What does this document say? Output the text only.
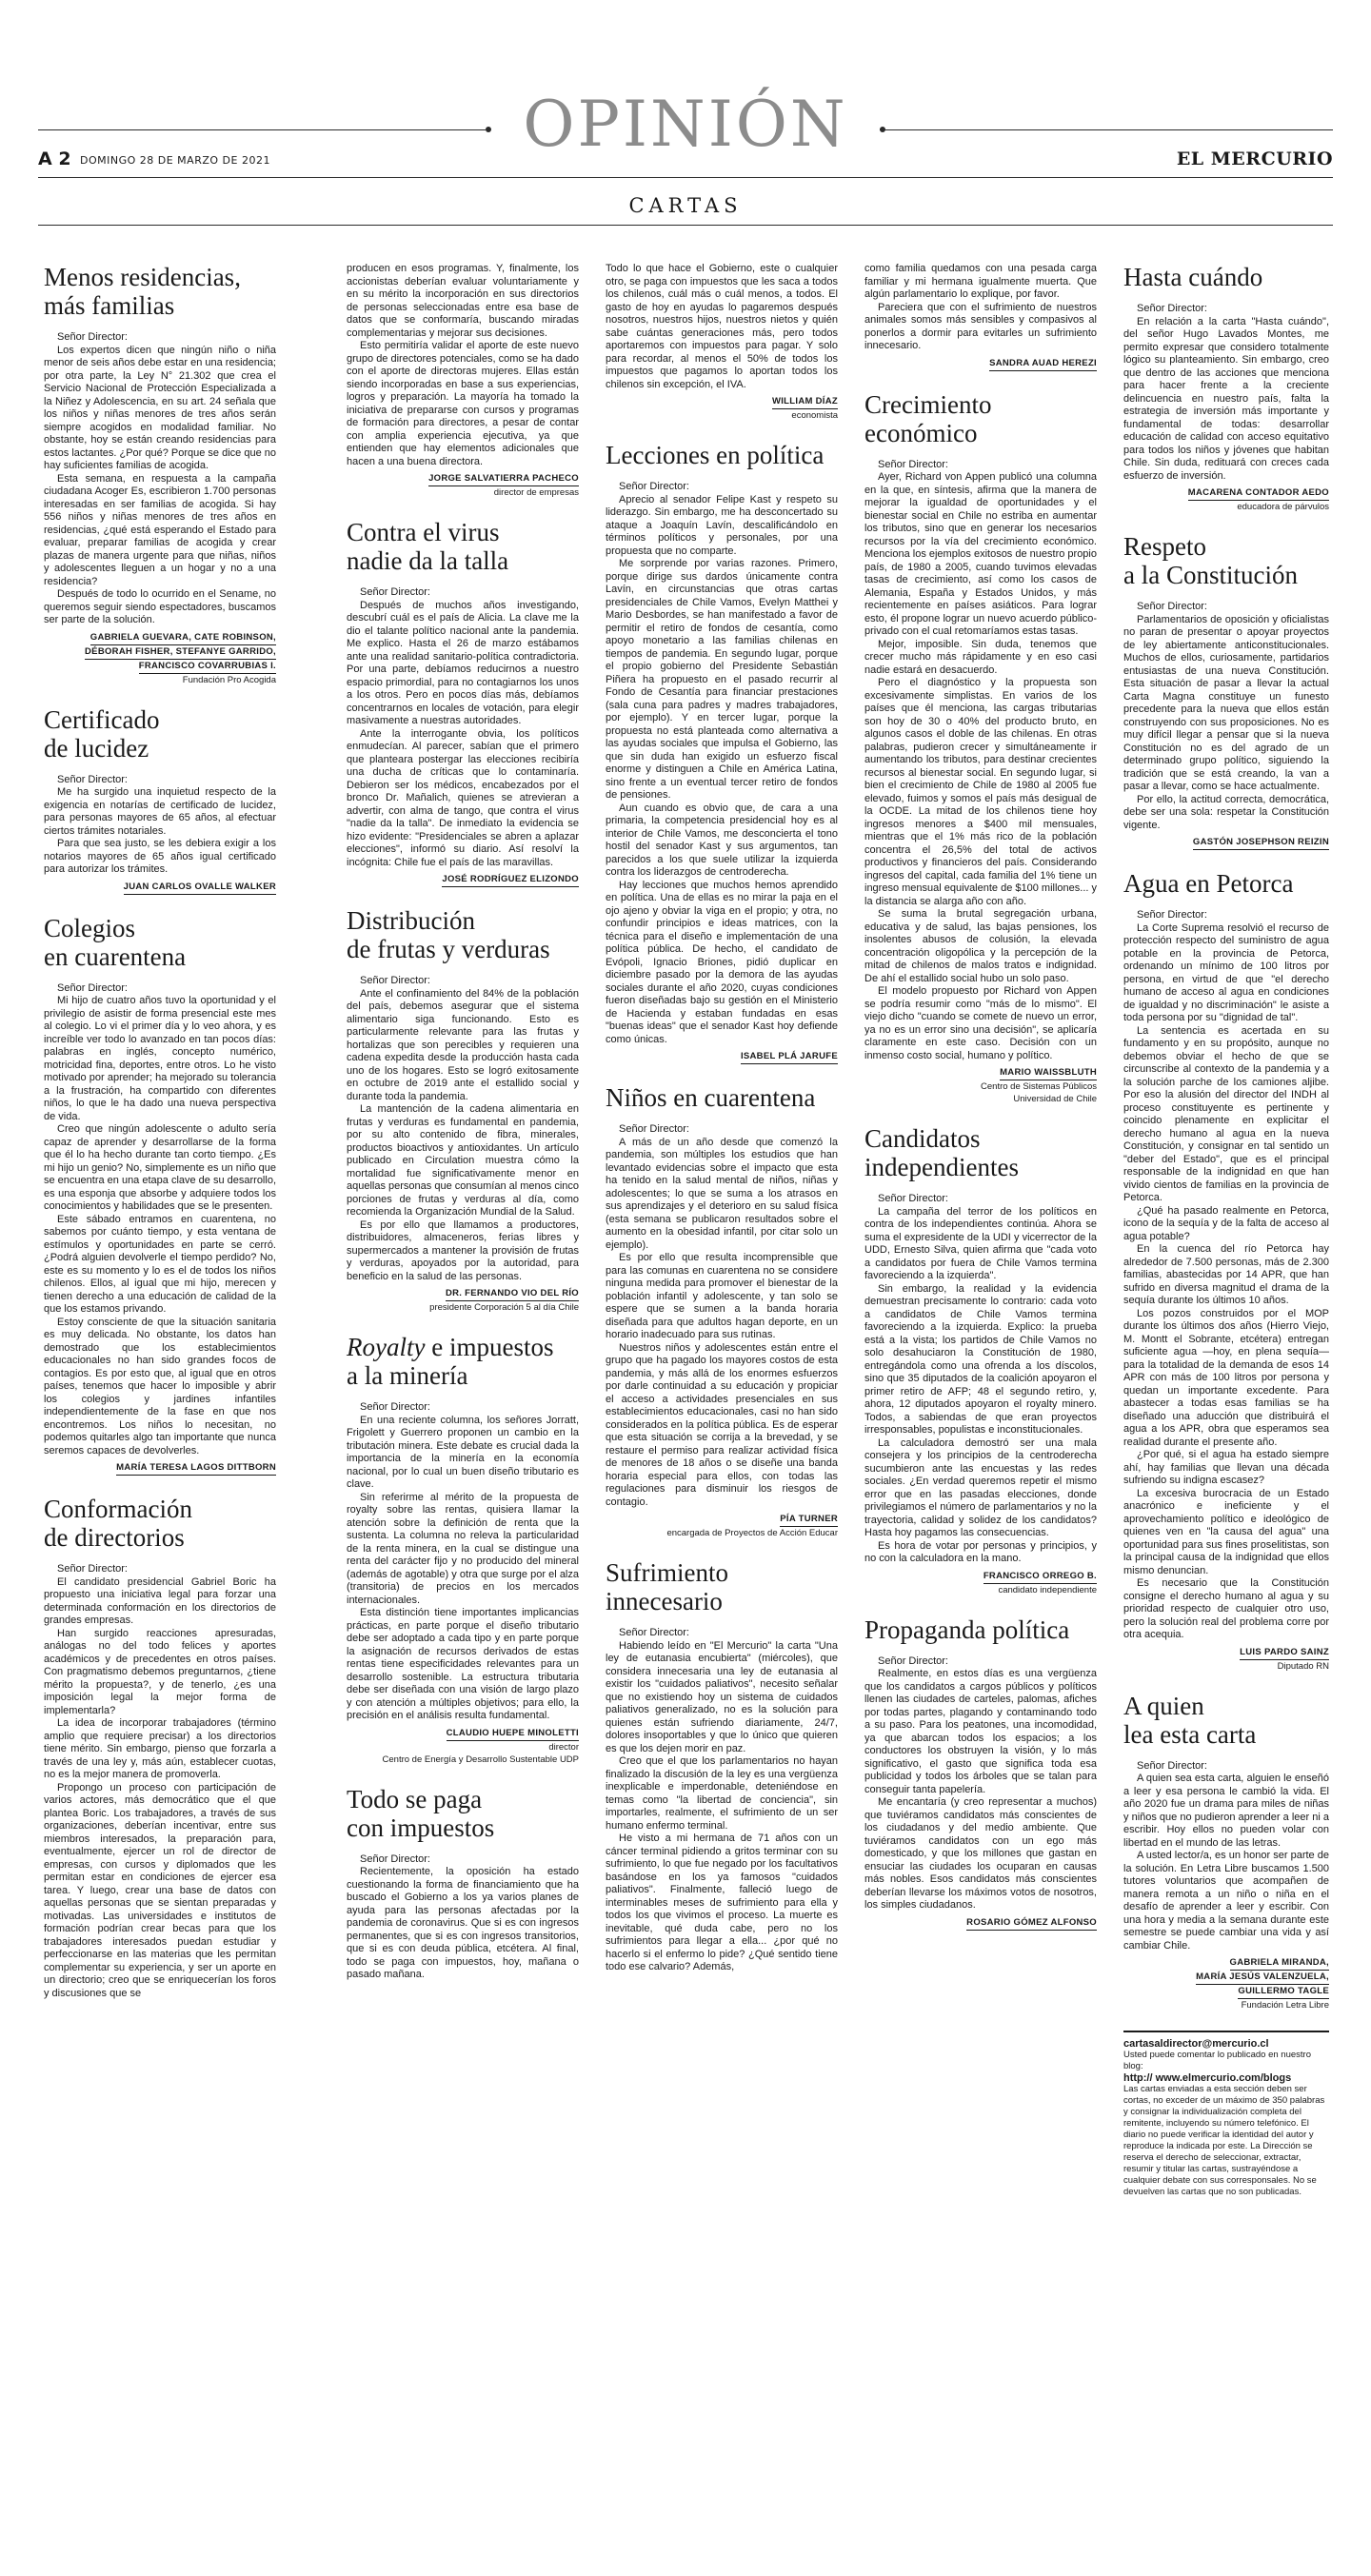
OPINIÓN
A 2 DOMINGO 28 DE MARZO DE 2021	EL MERCURIO
CARTAS
Menos residencias,
más familias
Señor Director:

Los expertos dicen que ningún niño o niña menor de seis años debe estar en una residencia; por otra parte, la Ley N° 21.302 que crea el Servicio Nacional de Protección Especializada a la Niñez y Adolescencia, en su art. 24 señala que los niños y niñas menores de tres años serán siempre acogidos en modalidad familiar. No obstante, hoy se están creando residencias para estos lactantes. ¿Por qué? Porque se dice que no hay suficientes familias de acogida.

Esta semana, en respuesta a la campaña ciudadana Acoger Es, escribieron 1.700 personas interesadas en ser familias de acogida. Si hay 556 niños y niñas menores de tres años en residencias, ¿qué está esperando el Estado para evaluar, preparar familias de acogida y crear plazas de manera urgente para que niñas, niños y adolescentes lleguen a un hogar y no a una residencia?

Después de todo lo ocurrido en el Sename, no queremos seguir siendo espectadores, buscamos ser parte de la solución.

GABRIELA GUEVARA, CATE ROBINSON,
DÉBORAH FISHER, STEFANYE GARRIDO,
FRANCISCO COVARRUBIAS I.
Fundación Pro Acogida
Certificado
de lucidez
Señor Director:

Me ha surgido una inquietud respecto de la exigencia en notarías de certificado de lucidez, para personas mayores de 65 años, al efectuar ciertos trámites notariales.

Para que sea justo, se les debiera exigir a los notarios mayores de 65 años igual certificado para autorizar los trámites.

JUAN CARLOS OVALLE WALKER
Colegios
en cuarentena
Señor Director:

Mi hijo de cuatro años tuvo la oportunidad y el privilegio de asistir de forma presencial este mes al colegio. Lo vi el primer día y lo veo ahora, y es increíble ver todo lo avanzado en tan pocos días: palabras en inglés, concepto numérico, motricidad fina, deportes, entre otros. Lo he visto motivado por aprender; ha mejorado su tolerancia a la frustración, ha compartido con diferentes niños, lo que le ha dado una nueva perspectiva de vida.

Creo que ningún adolescente o adulto sería capaz de aprender y desarrollarse de la forma que él lo ha hecho durante tan corto tiempo. ¿Es mi hijo un genio? No, simplemente es un niño que se encuentra en una etapa clave de su desarrollo, es una esponja que absorbe y adquiere todos los conocimientos y habilidades que se le presenten.

Este sábado entramos en cuarentena, no sabemos por cuánto tiempo, y esta ventana de estímulos y oportunidades en parte se cerró. ¿Podrá alguien devolverle el tiempo perdido? No, este es su momento y lo es el de todos los niños chilenos. Ellos, al igual que mi hijo, merecen y tienen derecho a una educación de calidad de la que los estamos privando.

Estoy consciente de que la situación sanitaria es muy delicada. No obstante, los datos han demostrado que los establecimientos educacionales no han sido grandes focos de contagios. Es por esto que, al igual que en otros países, tenemos que hacer lo imposible y abrir los colegios y jardines infantiles independientemente de la fase en que nos encontremos. Los niños lo necesitan, no podemos quitarles algo tan importante que nunca seremos capaces de devolverles.

MARÍA TERESA LAGOS DITTBORN
Conformación
de directorios
Señor Director:

El candidato presidencial Gabriel Boric ha propuesto una iniciativa legal para forzar una determinada conformación en los directorios de grandes empresas.

Han surgido reacciones apresuradas, análogas no del todo felices y aportes académicos y de precedentes en otros países. Con pragmatismo debemos preguntarnos, ¿tiene mérito la propuesta?, y de tenerlo, ¿es una imposición legal la mejor forma de implementarla?

La idea de incorporar trabajadores (término amplio que requiere precisar) a los directorios tiene mérito. Sin embargo, pienso que forzarla a través de una ley y, más aún, establecer cuotas, no es la mejor manera de promoverla.

Propongo un proceso con participación de varios actores, más democrático que el que plantea Boric. Los trabajadores, a través de sus organizaciones, deberían incentivar, entre sus miembros interesados, la preparación para, eventualmente, ejercer un rol de director de empresas, con cursos y diplomados que les permitan estar en condiciones de ejercer esa tarea. Y luego, crear una base de datos con aquellas personas que se sientan preparadas y motivadas. Las universidades e institutos de formación podrían crear becas para que los trabajadores interesados puedan estudiar y perfeccionarse en las materias que les permitan complementar su experiencia, y ser un aporte en un directorio; creo que se enriquecerían los foros y discusiones que se

producen en esos programas. Y, finalmente, los accionistas deberían evaluar voluntariamente y en su mérito la incorporación en sus directorios de personas seleccionadas entre esa base de datos que se conformaría, buscando miradas complementarias y mejorar sus decisiones.

Esto permitiría validar el aporte de este nuevo grupo de directores potenciales, como se ha dado con el aporte de directoras mujeres. Ellas están siendo incorporadas en base a sus experiencias, logros y preparación. La mayoría ha tomado la iniciativa de prepararse con cursos y programas de formación para directores, a pesar de contar con amplia experiencia ejecutiva, ya que entienden que hay elementos adicionales que hacen a una buena directora.

JORGE SALVATIERRA PACHECO
director de empresas
Contra el virus
nadie da la talla
Señor Director:

Después de muchos años investigando, descubrí cuál es el país de Alicia. La clave me la dio el talante político nacional ante la pandemia. Me explico. Hasta el 26 de marzo estábamos ante una realidad sanitario-política contradictoria. Por una parte, debíamos reducirnos a nuestro espacio primordial, para no contagiarnos los unos a los otros. Pero en pocos días más, debíamos concentrarnos en locales de votación, para elegir masivamente a nuestras autoridades.

Ante la interrogante obvia, los políticos enmudecían. Al parecer, sabían que el primero que planteara postergar las elecciones recibiría una ducha de críticas que lo contaminaría. Debieron ser los médicos, encabezados por el bronco Dr. Mañalich, quienes se atrevieran a advertir, con alma de tango, que contra el virus "nadie da la talla". De inmediato la evidencia se hizo evidente: "Presidenciales se abren a aplazar elecciones", informó su diario. Así resolví la incógnita: Chile fue el país de las maravillas.

JOSÉ RODRÍGUEZ ELIZONDO
Distribución
de frutas y verduras
Señor Director:

Ante el confinamiento del 84% de la población del país, debemos asegurar que el sistema alimentario siga funcionando. Esto es particularmente relevante para las frutas y hortalizas que son perecibles y requieren una cadena expedita desde la producción hasta cada uno de los hogares. Esto se logró exitosamente en octubre de 2019 ante el estallido social y durante toda la pandemia.

La mantención de la cadena alimentaria en frutas y verduras es fundamental en pandemia, por su alto contenido de fibra, minerales, productos bioactivos y antioxidantes. Un artículo publicado en Circulation muestra cómo la mortalidad fue significativamente menor en aquellas personas que consumían al menos cinco porciones de frutas y verduras al día, como recomienda la Organización Mundial de la Salud.

Es por ello que llamamos a productores, distribuidores, almaceneros, ferias libres y supermercados a mantener la provisión de frutas y verduras, apoyados por la autoridad, para beneficio en la salud de las personas.

DR. FERNANDO VIO DEL RÍO
presidente Corporación 5 al día Chile
Royalty e impuestos
a la minería
Señor Director:

En una reciente columna, los señores Jorratt, Frigolett y Guerrero proponen un cambio en la tributación minera. Este debate es crucial dada la importancia de la minería en la economía nacional, por lo cual un buen diseño tributario es clave.

Sin referirme al mérito de la propuesta de royalty sobre las rentas, quisiera llamar la atención sobre la definición de renta que la sustenta. La columna no releva la particularidad de la renta minera, en la cual se distingue una renta del carácter fijo y no producido del mineral (además de agotable) y otra que surge por el alza (transitoria) de precios en los mercados internacionales.

Esta distinción tiene importantes implicancias prácticas, en parte porque el diseño tributario debe ser adoptado a cada tipo y en parte porque la asignación de recursos derivados de estas rentas tiene especificidades relevantes para un desarrollo sostenible. La estructura tributaria debe ser diseñada con una visión de largo plazo y con atención a múltiples objetivos; para ello, la precisión en el análisis resulta fundamental.

CLAUDIO HUEPE MINOLETTI
director
Centro de Energía y Desarrollo Sustentable UDP
Todo se paga
con impuestos
Señor Director:

Recientemente, la oposición ha estado cuestionando la forma de financiamiento que ha buscado el Gobierno a los ya varios planes de ayuda para las personas afectadas por la pandemia de coronavirus. Que si es con ingresos permanentes, que si es con ingresos transitorios, que si es con deuda pública, etcétera. Al final, todo se paga con impuestos, hoy, mañana o pasado mañana.

Todo lo que hace el Gobierno, este o cualquier otro, se paga con impuestos que les saca a todos los chilenos, cuál más o cuál menos, a todos. El gasto de hoy en ayudas lo pagaremos después nosotros, nuestros hijos, nuestros nietos y quién sabe cuántas generaciones más, pero todos aportaremos con impuestos para pagar. Y solo para recordar, al menos el 50% de todos los impuestos que pagamos lo aportan todos los chilenos sin excepción, el IVA.

WILLIAM DÍAZ
economista
Lecciones en política
Señor Director:

Aprecio al senador Felipe Kast y respeto su liderazgo. Sin embargo, me ha desconcertado su ataque a Joaquín Lavín, descalificándolo en términos políticos y personales, por una propuesta que no comparte.

Me sorprende por varias razones. Primero, porque dirige sus dardos únicamente contra Lavín, en circunstancias que otras cartas presidenciales de Chile Vamos, Evelyn Matthei y Mario Desbordes, se han manifestado a favor de permitir el retiro de fondos de cesantía, como apoyo monetario a las familias chilenas en tiempos de pandemia. En segundo lugar, porque el propio gobierno del Presidente Sebastián Piñera ha propuesto en el pasado recurrir al Fondo de Cesantía para financiar prestaciones (sala cuna para padres y madres trabajadores, por ejemplo). Y en tercer lugar, porque la propuesta no está planteada como alternativa a las ayudas sociales que impulsa el Gobierno, las que sin duda han exigido un esfuerzo fiscal enorme y distinguen a Chile en América Latina, sino frente a un eventual tercer retiro de fondos de pensiones.

Aun cuando es obvio que, de cara a una primaria, la competencia presidencial hoy es al interior de Chile Vamos, me desconcierta el tono hostil del senador Kast y sus argumentos, tan parecidos a los que suele utilizar la izquierda contra los liderazgos de centroderecha.

Hay lecciones que muchos hemos aprendido en política. Una de ellas es no mirar la paja en el ojo ajeno y obviar la viga en el propio; y otra, no confundir principios e ideas matrices, con la técnica para el diseño e implementación de una política pública. De hecho, el candidato de Evópoli, Ignacio Briones, pidió duplicar en diciembre pasado por la demora de las ayudas sociales durante el año 2020, cuyas condiciones fueron diseñadas bajo su gestión en el Ministerio de Hacienda y estaban fundadas en esas "buenas ideas" que el senador Kast hoy defiende como únicas.

ISABEL PLÁ JARUFE
Niños en cuarentena
Señor Director:

A más de un año desde que comenzó la pandemia, son múltiples los estudios que han levantado evidencias sobre el impacto que esta ha tenido en la salud mental de niños, niñas y adolescentes; lo que se suma a los atrasos en sus aprendizajes y el deterioro en su salud física (esta semana se publicaron resultados sobre el aumento en la obesidad infantil, por citar solo un ejemplo).

Es por ello que resulta incomprensible que para las comunas en cuarentena no se considere ninguna medida para promover el bienestar de la población infantil y adolescente, y tan solo se espere que se sumen a la banda horaria diseñada para que adultos hagan deporte, en un horario inadecuado para sus rutinas.

Nuestros niños y adolescentes están entre el grupo que ha pagado los mayores costos de esta pandemia, y más allá de los enormes esfuerzos por darle continuidad a su educación y propiciar el acceso a actividades presenciales en sus establecimientos educacionales, casi no han sido considerados en la política pública. Es de esperar que esta situación se corrija a la brevedad, y se restaure el permiso para realizar actividad física de menores de 18 años o se diseñe una banda horaria especial para ellos, con todas las regulaciones para disminuir los riesgos de contagio.

PÍA TURNER
encargada de Proyectos de Acción Educar
Sufrimiento
innecesario
Señor Director:

Habiendo leído en "El Mercurio" la carta "Una ley de eutanasia encubierta" (miércoles), que considera innecesaria una ley de eutanasia al existir los "cuidados paliativos", necesito señalar que no existiendo hoy un sistema de cuidados paliativos generalizado, no es la solución para quienes están sufriendo diariamente, 24/7, dolores insoportables y que lo único que quieren es que los dejen morir en paz.

Creo que el que los parlamentarios no hayan finalizado la discusión de la ley es una vergüenza inexplicable e imperdonable, deteniéndose en temas como "la libertad de conciencia", sin importarles, realmente, el sufrimiento de un ser humano enfermo terminal.

He visto a mi hermana de 71 años con un cáncer terminal pidiendo a gritos terminar con su sufrimiento, lo que fue negado por los facultativos basándose en los ya famosos "cuidados paliativos". Finalmente, falleció luego de interminables meses de sufrimiento para ella y todos los que vivimos el proceso. La muerte es inevitable, qué duda cabe, pero no los sufrimientos para llegar a ella... ¿por qué no hacerlo si el enfermo lo pide? ¿Qué sentido tiene todo ese calvario? Además,

como familia quedamos con una pesada carga familiar y mi hermana igualmente muerta. Que algún parlamentario lo explique, por favor.

Pareciera que con el sufrimiento de nuestros animales somos más sensibles y compasivos al ponerlos a dormir para evitarles un sufrimiento innecesario.

SANDRA AUAD HEREZI
Crecimiento
económico
Señor Director:

Ayer, Richard von Appen publicó una columna en la que, en síntesis, afirma que la manera de mejorar la igualdad de oportunidades y el bienestar social en Chile no estriba en aumentar los tributos, sino que en generar los necesarios recursos por la vía del crecimiento económico. Menciona los ejemplos exitosos de nuestro propio país, de 1980 a 2005, cuando tuvimos elevadas tasas de crecimiento, así como los casos de Alemania, España y Estados Unidos, y más recientemente en países asiáticos. Para lograr esto, él propone lograr un nuevo acuerdo público-privado con el cual retomaríamos estas tasas.

Mejor, imposible. Sin duda, tenemos que crecer mucho más rápidamente y en eso casi nadie estará en desacuerdo.

Pero el diagnóstico y la propuesta son excesivamente simplistas. En varios de los países que él menciona, las cargas tributarias son hoy de 30 o 40% del producto bruto, en algunos casos el doble de las chilenas. En otras palabras, pudieron crecer y simultáneamente ir aumentando los tributos, para destinar crecientes recursos al bienestar social. En segundo lugar, si bien el crecimiento de Chile de 1980 al 2005 fue elevado, fuimos y somos el país más desigual de la OCDE. La mitad de los chilenos tiene hoy ingresos menores a $400 mil mensuales, mientras que el 1% más rico de la población concentra el 26,5% del total de activos productivos y financieros del país. Considerando ingresos del capital, cada familia del 1% tiene un ingreso mensual equivalente de $100 millones... y la distancia se alarga año con año.

Se suma la brutal segregación urbana, educativa y de salud, las bajas pensiones, los insolentes abusos de colusión, la elevada concentración oligopólica y la percepción de la mitad de chilenos de malos tratos e indignidad. De ahí el estallido social hubo un solo paso.

El modelo propuesto por Richard von Appen se podría resumir como "más de lo mismo". El viejo dicho "cuando se comete de nuevo un error, ya no es un error sino una decisión", se aplicaría claramente en este caso. Decisión con un inmenso costo social, humano y político.

MARIO WAISSBLUTH
Centro de Sistemas Públicos
Universidad de Chile
Candidatos
independientes
Señor Director:

La campaña del terror de los políticos en contra de los independientes continúa. Ahora se suma el expresidente de la UDI y vicerrector de la UDD, Ernesto Silva, quien afirma que "cada voto a candidatos por fuera de Chile Vamos termina favoreciendo a la izquierda".

Sin embargo, la realidad y la evidencia demuestran precisamente lo contrario: cada voto a candidatos de Chile Vamos termina favoreciendo a la izquierda. Explico: la prueba está a la vista; los partidos de Chile Vamos no solo desahuciaron la Constitución de 1980, entregándola como una ofrenda a los díscolos, sino que 35 diputados de la coalición apoyaron el primer retiro de AFP; 48 el segundo retiro, y, ahora, 12 diputados apoyaron el royalty minero. Todos, a sabiendas de que eran proyectos irresponsables, populistas e inconstitucionales.

La calculadora demostró ser una mala consejera y los principios de la centroderecha sucumbieron ante las encuestas y las redes sociales. ¿En verdad queremos repetir el mismo error que en las pasadas elecciones, donde privilegiamos el número de parlamentarios y no la trayectoria, calidad y solidez de los candidatos? Hasta hoy pagamos las consecuencias.

Es hora de votar por personas y principios, y no con la calculadora en la mano.

FRANCISCO ORREGO B.
candidato independiente
Propaganda política
Señor Director:

Realmente, en estos días es una vergüenza que los candidatos a cargos públicos y políticos llenen las ciudades de carteles, palomas, afiches por todas partes, plagando y contaminando todo a su paso. Para los peatones, una incomodidad, ya que abarcan todos los espacios; a los conductores los obstruyen la visión, y lo más significativo, el gasto que significa toda esa publicidad y todos los árboles que se talan para conseguir tanta papelería.

Me encantaría (y creo representar a muchos) que tuviéramos candidatos más conscientes de los ciudadanos y del medio ambiente. Que tuviéramos candidatos con un ego más domesticado, y que los millones que gastan en ensuciar las ciudades los ocuparan en causas más nobles. Esos candidatos más conscientes deberían llevarse los máximos votos de nosotros, los simples ciudadanos.

ROSARIO GÓMEZ ALFONSO
Hasta cuándo
Señor Director:

En relación a la carta "Hasta cuándo", del señor Hugo Lavados Montes, me permito expresar que considero totalmente lógico su planteamiento. Sin embargo, creo que dentro de las acciones que menciona para hacer frente a la creciente delincuencia en nuestro país, falta la estrategia de inversión más importante y fundamental de todas: desarrollar educación de calidad con acceso equitativo para todos los niños y jóvenes que habitan Chile. Sin duda, redituará con creces cada esfuerzo de inversión.

MACARENA CONTADOR AEDO
educadora de párvulos
Respeto
a la Constitución
Señor Director:

Parlamentarios de oposición y oficialistas no paran de presentar o apoyar proyectos de ley abiertamente anticonstitucionales. Muchos de ellos, curiosamente, partidarios entusiastas de una nueva Constitución. Esta situación de pasar a llevar la actual Carta Magna constituye un funesto precedente para la nueva que ellos están construyendo con sus proposiciones. No es muy difícil llegar a pensar que si la nueva Constitución no es del agrado de un determinado grupo político, siguiendo la tradición que se está creando, la van a pasar a llevar, como se hace actualmente.

Por ello, la actitud correcta, democrática, debe ser una sola: respetar la Constitución vigente.

GASTÓN JOSEPHSON REIZIN
Agua en Petorca
Señor Director:

La Corte Suprema resolvió el recurso de protección respecto del suministro de agua potable en la provincia de Petorca, ordenando un mínimo de 100 litros por persona, en virtud de que "el derecho humano de acceso al agua en condiciones de igualdad y no discriminación" le asiste a toda persona por su "dignidad de tal".

La sentencia es acertada en su fundamento y en su propósito, aunque no debemos obviar el hecho de que se circunscribe al contexto de la pandemia y a la solución parche de los camiones aljibe. Por eso la alusión del director del INDH al proceso constituyente es pertinente y coincido plenamente en explicitar el derecho humano al agua en la nueva Constitución, y consignar en tal sentido un "deber del Estado", que es el principal responsable de la indignidad en que han vivido cientos de familias en la provincia de Petorca.

¿Qué ha pasado realmente en Petorca, icono de la sequía y de la falta de acceso al agua potable?

En la cuenca del río Petorca hay alrededor de 7.500 personas, más de 2.300 familias, abastecidas por 14 APR, que han sufrido en diversa magnitud el drama de la sequía durante los últimos 10 años.

Los pozos construidos por el MOP durante los últimos dos años (Hierro Viejo, M. Montt el Sobrante, etcétera) entregan suficiente agua —hoy, en plena sequía— para la totalidad de la demanda de esos 14 APR con más de 100 litros por persona y quedan un importante excedente. Para abastecer a todas esas familias se ha diseñado una aducción que distribuirá el agua a los APR, obra que esperamos sea realidad durante el presente año.

¿Por qué, si el agua ha estado siempre ahí, hay familias que llevan una década sufriendo su indigna escasez?

La excesiva burocracia de un Estado anacrónico e ineficiente y el aprovechamiento político e ideológico de quienes ven en "la causa del agua" una oportunidad para sus fines proselitistas, son la principal causa de la indignidad que ellos mismo denuncian.

Es necesario que la Constitución consigne el derecho humano al agua y su prioridad respecto de cualquier otro uso, pero la solución real del problema corre por otra acequia.

LUIS PARDO SAINZ
Diputado RN
A quien
lea esta carta
Señor Director:

A quien sea esta carta, alguien le enseñó a leer y esa persona le cambió la vida. El año 2020 fue un drama para miles de niñas y niños que no pudieron aprender a leer ni a escribir. Hoy ellos no pueden volar con libertad en el mundo de las letras.

A usted lector/a, es un honor ser parte de la solución. En Letra Libre buscamos 1.500 tutores voluntarios que acompañen de manera remota a un niño o niña en el desafío de aprender a leer y escribir. Con una hora y media a la semana durante este semestre se puede cambiar una vida y así cambiar Chile.

GABRIELA MIRANDA,
MARÍA JESÚS VALENZUELA,
GUILLERMO TAGLE
Fundación Letra Libre
cartasaldirector@mercurio.cl
Usted puede comentar lo publicado en nuestro blog:
http:// www.elmercurio.com/blogs
Las cartas enviadas a esta sección deben ser cortas, no exceder de un máximo de 350 palabras y consignar la individualización completa del remitente, incluyendo su número telefónico. El diario no puede verificar la identidad del autor y reproduce la indicada por este. La Dirección se reserva el derecho de seleccionar, extractar, resumir y titular las cartas, sustrayéndose a cualquier debate con sus corresponsales. No se devuelven las cartas que no son publicadas.
